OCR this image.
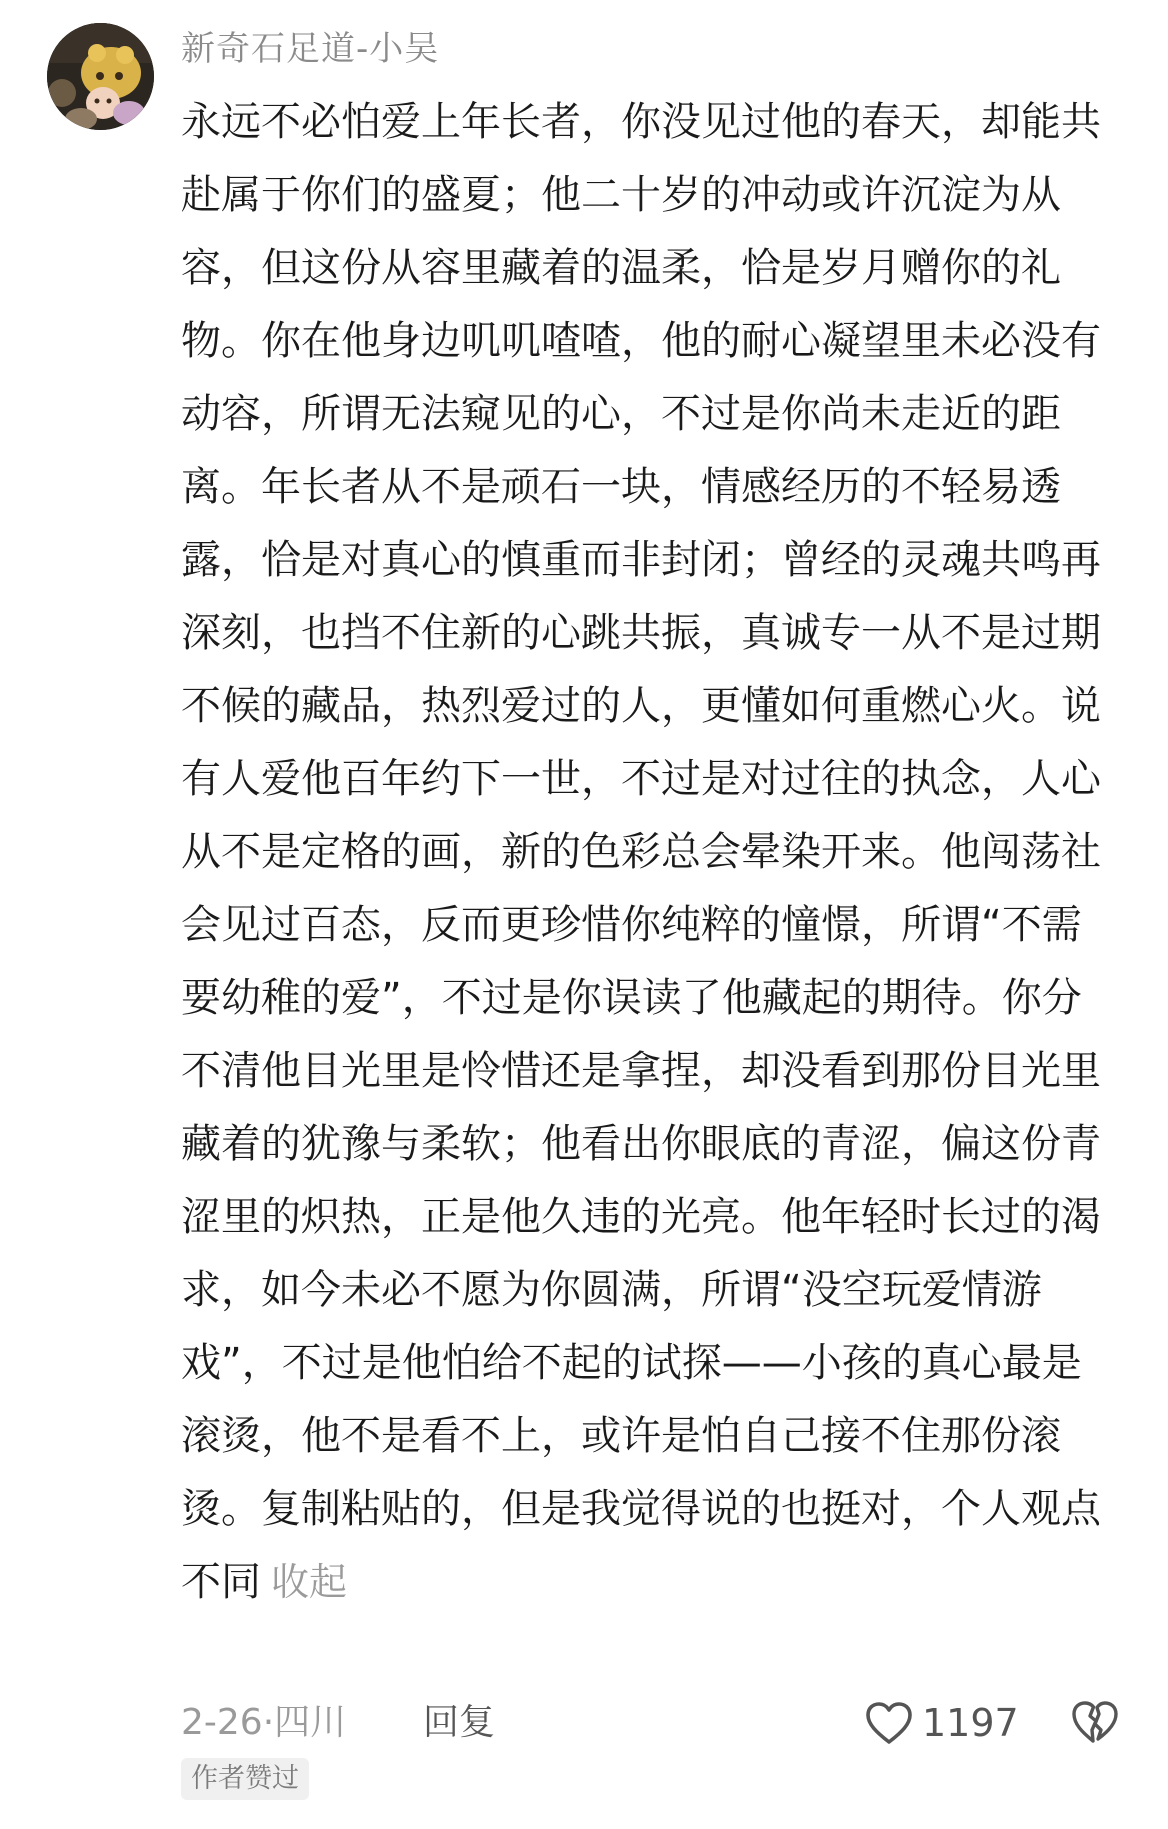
新奇石足道-小吴

永远不必怕爱上年长者，你没见过他的春天，却能共赴属于你们的盛夏；他二十岁的冲动或许沉淀为从容，但这份从容里藏着的温柔，恰是岁月赠你的礼物。你在他身边叽叽喳喳，他的耐心凝望里未必没有动容，所谓无法窥见的心，不过是你尚未走近的距离。年长者从不是顽石一块，情感经历的不轻易透露，恰是对真心的慎重而非封闭；曾经的灵魂共鸣再深刻，也挡不住新的心跳共振，真诚专一从不是过期不候的藏品，热烈爱过的人，更懂如何重燃心火。说有人爱他百年约下一世，不过是对过往的执念，人心从不是定格的画，新的色彩总会晕染开来。他闯荡社会见过百态，反而更珍惜你纯粹的憧憬，所谓“不需要幼稚的爱”，不过是你误读了他藏起的期待。你分不清他目光里是怜惜还是拿捏，却没看到那份目光里藏着的犹豫与柔软；他看出你眼底的青涩，偏这份青涩里的炽热，正是他久违的光亮。他年轻时长过的渴求，如今未必不愿为你圆满，所谓“没空玩爱情游戏”，不过是他怕给不起的试探——小孩的真心最是滚烫，他不是看不上，或许是怕自己接不住那份滚烫。复制粘贴的，但是我觉得说的也挺对，个人观点不同 收起

2-26·四川 回复	1197
作者赞过
